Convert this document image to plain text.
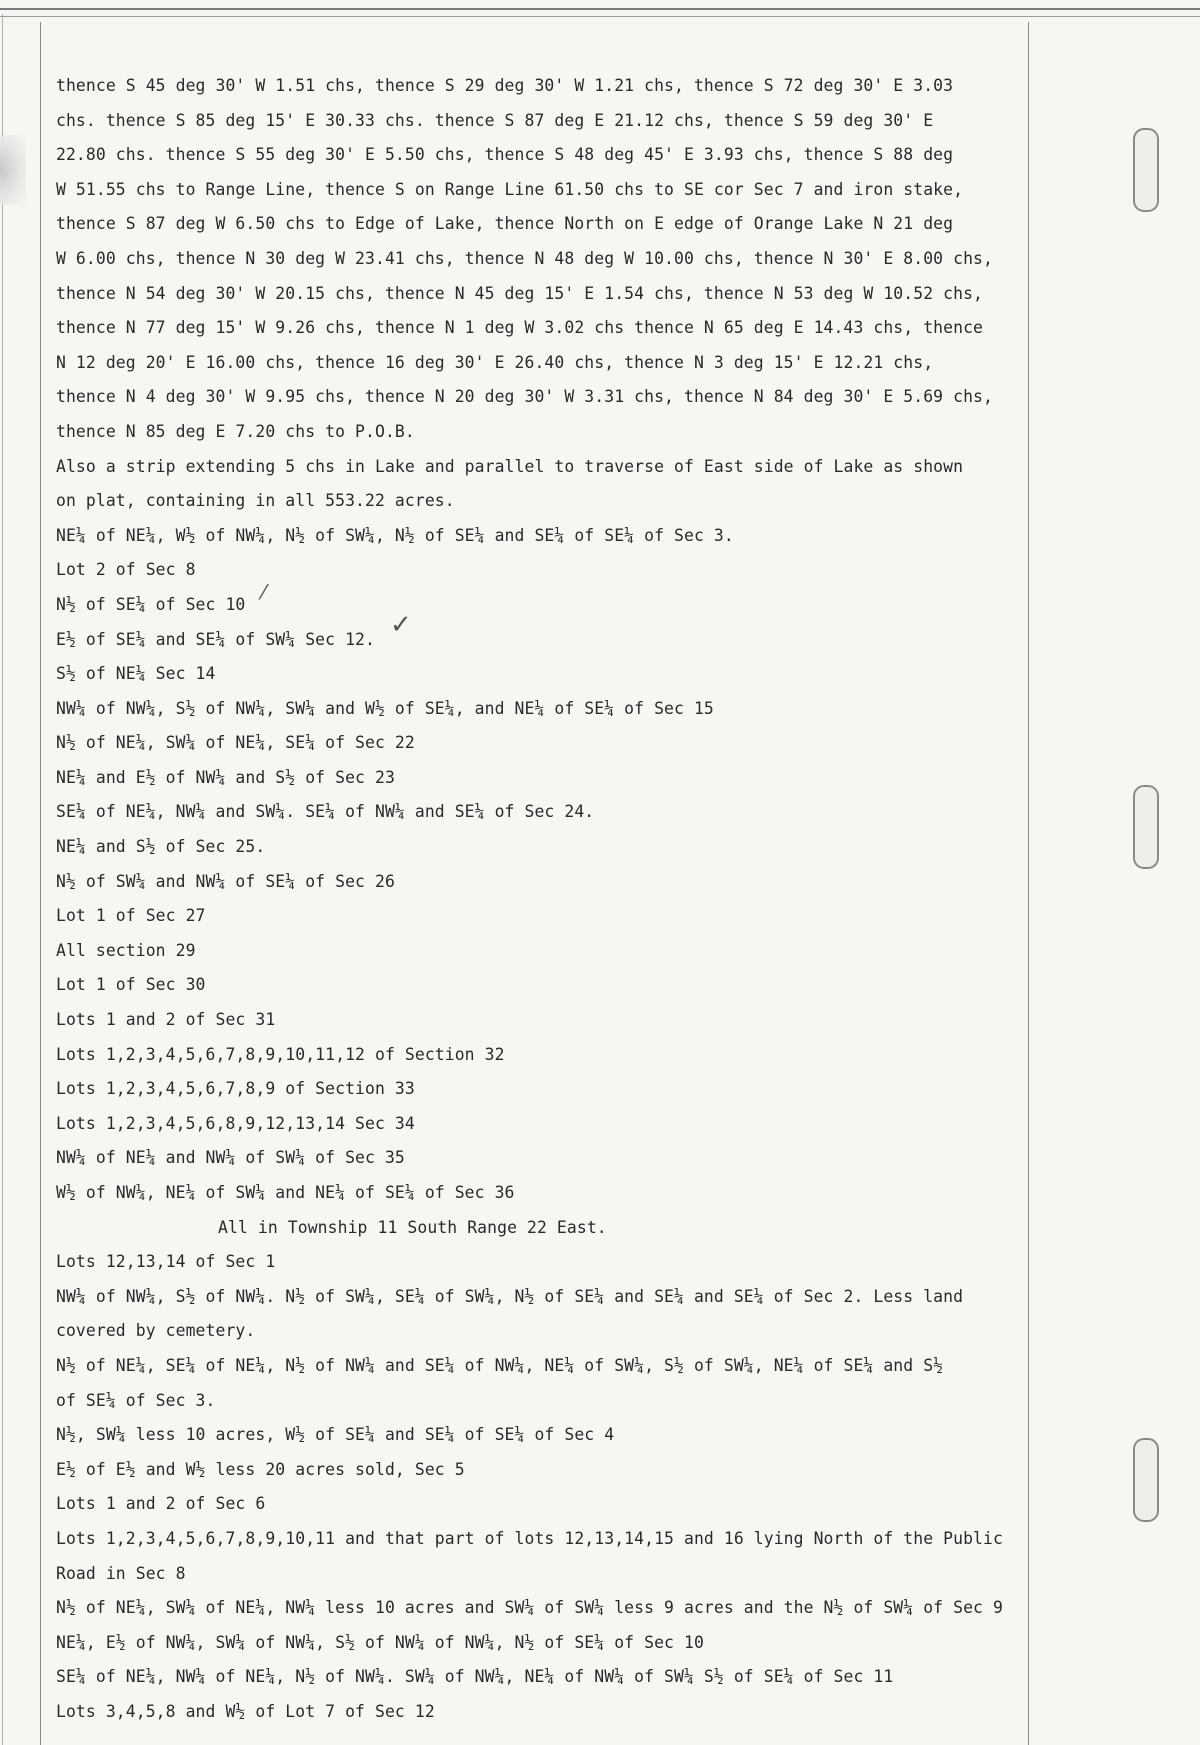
✓
⁄
thence S 45 deg 30' W 1.51 chs, thence S 29 deg 30' W 1.21 chs, thence S 72 deg 30' E 3.03
chs. thence S 85 deg 15' E 30.33 chs. thence S 87 deg E 21.12 chs, thence S 59 deg 30' E
22.80 chs. thence S 55 deg 30' E 5.50 chs, thence S 48 deg 45' E 3.93 chs, thence S 88 deg
W 51.55 chs to Range Line, thence S on Range Line 61.50 chs to SE cor Sec 7 and iron stake,
thence S 87 deg W 6.50 chs to Edge of Lake, thence North on E edge of Orange Lake N 21 deg
W 6.00 chs, thence N 30 deg W 23.41 chs, thence N 48 deg W 10.00 chs, thence N 30' E 8.00 chs,
thence N 54 deg 30' W 20.15 chs, thence N 45 deg 15' E 1.54 chs, thence N 53 deg W 10.52 chs,
thence N 77 deg 15' W 9.26 chs, thence N 1 deg W 3.02 chs thence N 65 deg E 14.43 chs, thence
N 12 deg 20' E 16.00 chs, thence 16 deg 30' E 26.40 chs, thence N 3 deg 15' E 12.21 chs,
thence N 4 deg 30' W 9.95 chs, thence N 20 deg 30' W 3.31 chs, thence N 84 deg 30' E 5.69 chs,
thence N 85 deg E 7.20 chs to P.O.B.
Also a strip extending 5 chs in Lake and parallel to traverse of East side of Lake as shown
on plat, containing in all 553.22 acres.
NE¼ of NE¼, W½ of NW¼, N½ of SW¼, N½ of SE¼ and SE¼ of SE¼ of Sec 3.
Lot 2 of Sec 8
N½ of SE¼ of Sec 10
E½ of SE¼ and SE¼ of SW¼ Sec 12.
S½ of NE¼ Sec 14
NW¼ of NW¼, S½ of NW¼, SW¼ and W½ of SE¼, and NE¼ of SE¼ of Sec 15
N½ of NE¼, SW¼ of NE¼, SE¼ of Sec 22
NE¼ and E½ of NW¼ and S½ of Sec 23
SE¼ of NE¼, NW¼ and SW¼. SE¼ of NW¼ and SE¼ of Sec 24.
NE¼ and S½ of Sec 25.
N½ of SW¼ and NW¼ of SE¼ of Sec 26
Lot 1 of Sec 27
All section 29
Lot 1 of Sec 30
Lots 1 and 2 of Sec 31
Lots 1,2,3,4,5,6,7,8,9,10,11,12 of Section 32
Lots 1,2,3,4,5,6,7,8,9 of Section 33
Lots 1,2,3,4,5,6,8,9,12,13,14 Sec 34
NW¼ of NE¼ and NW¼ of SW¼ of Sec 35
W½ of NW¼, NE¼ of SW¼ and NE¼ of SE¼ of Sec 36
All in Township 11 South Range 22 East.
Lots 12,13,14 of Sec 1
NW¼ of NW¼, S½ of NW¼. N½ of SW¼, SE¼ of SW¼, N½ of SE¼ and SE¼ and SE¼ of Sec 2. Less land
covered by cemetery.
N½ of NE¼, SE¼ of NE¼, N½ of NW¼ and SE¼ of NW¼, NE¼ of SW¼, S½ of SW¼, NE¼ of SE¼ and S½
of SE¼ of Sec 3.
N½, SW¼ less 10 acres, W½ of SE¼ and SE¼ of SE¼ of Sec 4
E½ of E½ and W½ less 20 acres sold, Sec 5
Lots 1 and 2 of Sec 6
Lots 1,2,3,4,5,6,7,8,9,10,11 and that part of lots 12,13,14,15 and 16 lying North of the Public
Road in Sec 8
N½ of NE¼, SW¼ of NE¼, NW¼ less 10 acres and SW¼ of SW¼ less 9 acres and the N½ of SW¼ of Sec 9
NE¼, E½ of NW¼, SW¼ of NW¼, S½ of NW¼ of NW¼, N½ of SE¼ of Sec 10
SE¼ of NE¼, NW¼ of NE¼, N½ of NW¼. SW¼ of NW¼, NE¼ of NW¼ of SW¼ S½ of SE¼ of Sec 11
Lots 3,4,5,8 and W½ of Lot 7 of Sec 12
